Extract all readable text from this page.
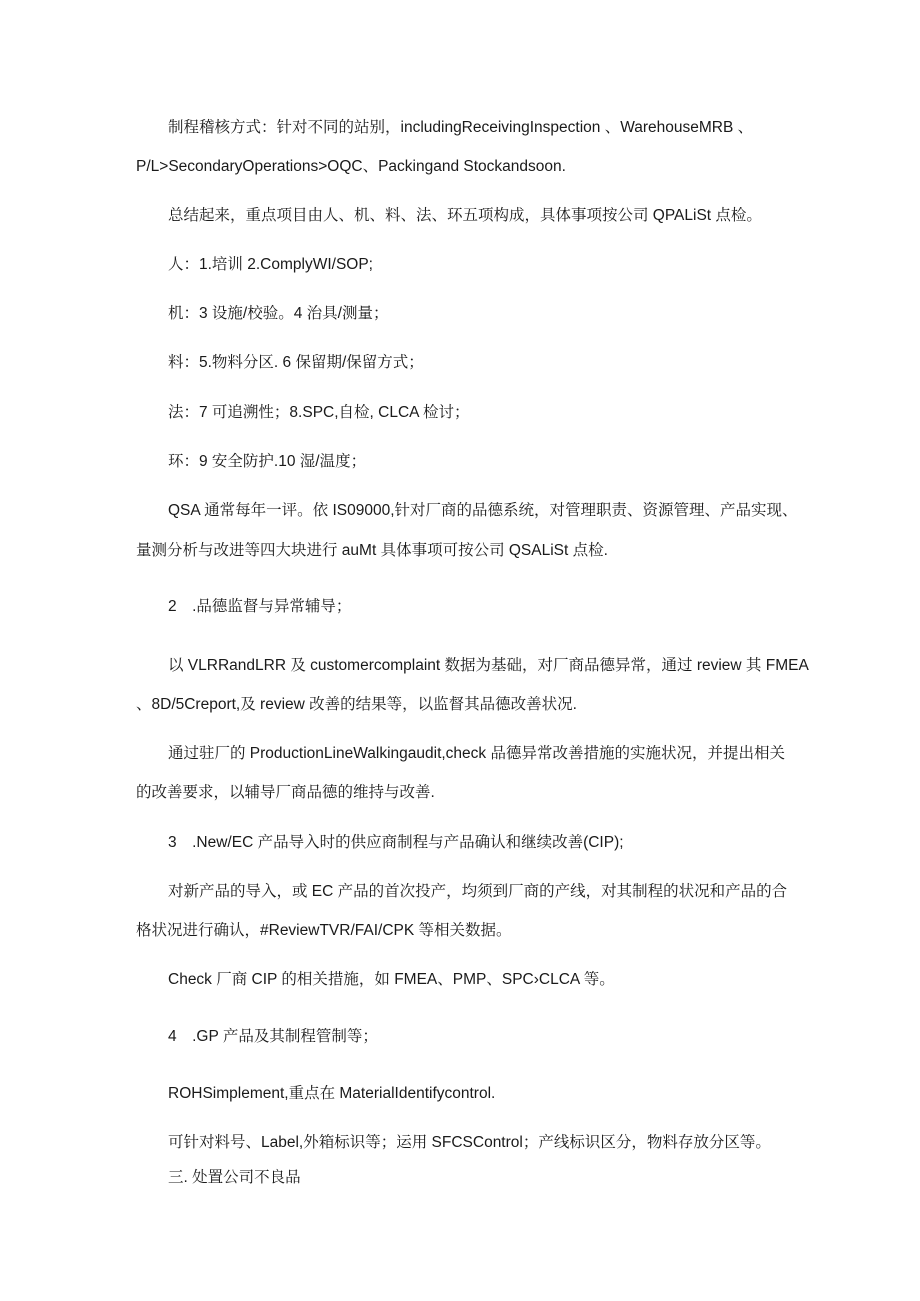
制程稽核方式：针对不同的站别，includingReceivingInspection 、WarehouseMRB 、
P/L>SecondaryOperations>OQC、Packingand Stockandsoon.
总结起来，重点项目由人、机、料、法、环五项构成，具体事项按公司 QPALiSt 点检。
人：1.培训 2.ComplyWI/SOP;
机：3 设施/校验。4 治具/测量；
料：5.物料分区. 6 保留期/保留方式；
法：7 可追溯性；8.SPC,自检, CLCA 检讨；
环：9 安全防护.10 湿/温度；
QSA 通常每年一评。依 IS09000,针对厂商的品德系统，对管理职责、资源管理、产品实现、
量测分析与改进等四大块进行 auMt 具体事项可按公司 QSALiSt 点检.
2　.品德监督与异常辅导；
以 VLRRandLRR 及 customercomplaint 数据为基础，对厂商品德异常，通过 review 其 FMEA
、8D/5Creport,及 review 改善的结果等，以监督其品德改善状况.
通过驻厂的 ProductionLineWalkingaudit,check 品德异常改善措施的实施状况，并提出相关
的改善要求，以辅导厂商品德的维持与改善.
3　.New/EC 产品导入时的供应商制程与产品确认和继续改善(CIP);
对新产品的导入，或 EC 产品的首次投产，均须到厂商的产线，对其制程的状况和产品的合
格状况进行确认，#ReviewTVR/FAI/CPK 等相关数据。
Check 厂商 CIP 的相关措施，如 FMEA、PMP、SPC›CLCA 等。
4　.GP 产品及其制程管制等；
ROHSimplement,重点在 MaterialIdentifycontrol.
可针对料号、Label,外箱标识等；运用 SFCSControl；产线标识区分，物料存放分区等。
三. 处置公司不良品
